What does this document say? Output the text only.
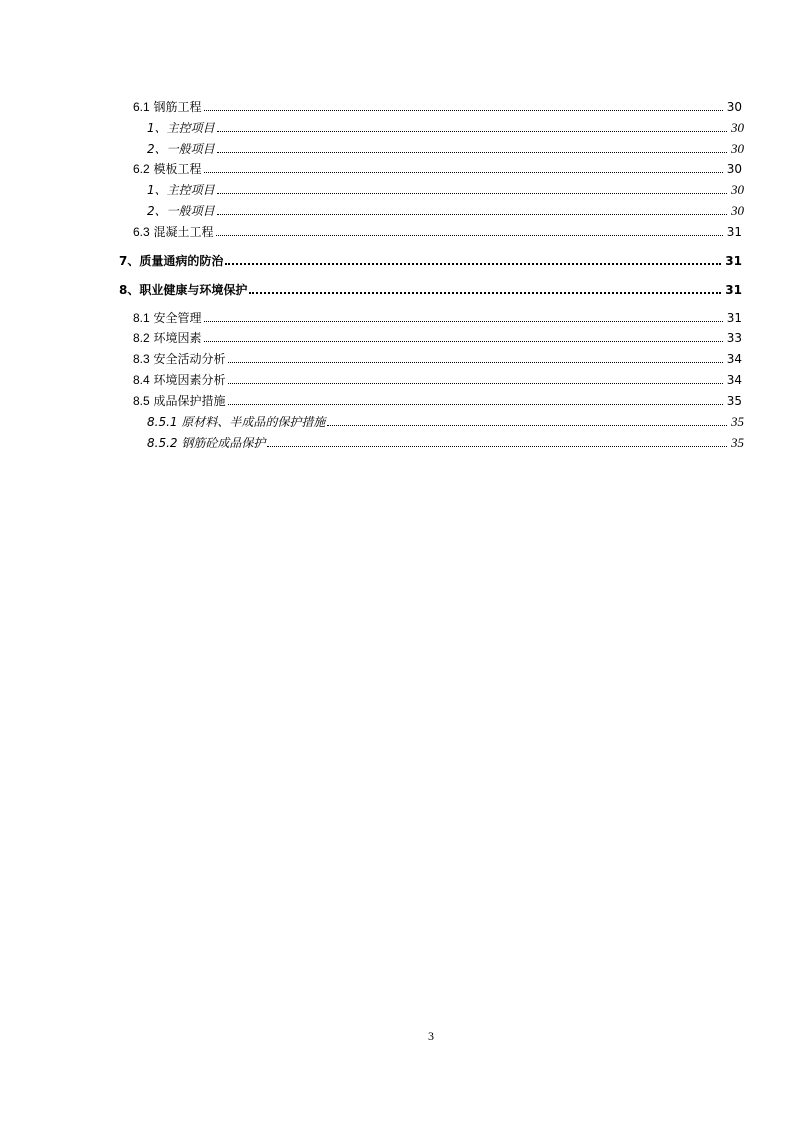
6.1 钢筋工程	30
1、主控项目	30
2、一般项目	30
6.2 模板工程	30
1、主控项目	30
2、一般项目	30
6.3 混凝土工程	31
7、质量通病的防治	31
8、职业健康与环境保护	31
8.1 安全管理	31
8.2 环境因素	33
8.3 安全活动分析	34
8.4 环境因素分析	34
8.5 成品保护措施	35
8.5.1 原材料、半成品的保护措施	35
8.5.2 钢筋砼成品保护	35
3
